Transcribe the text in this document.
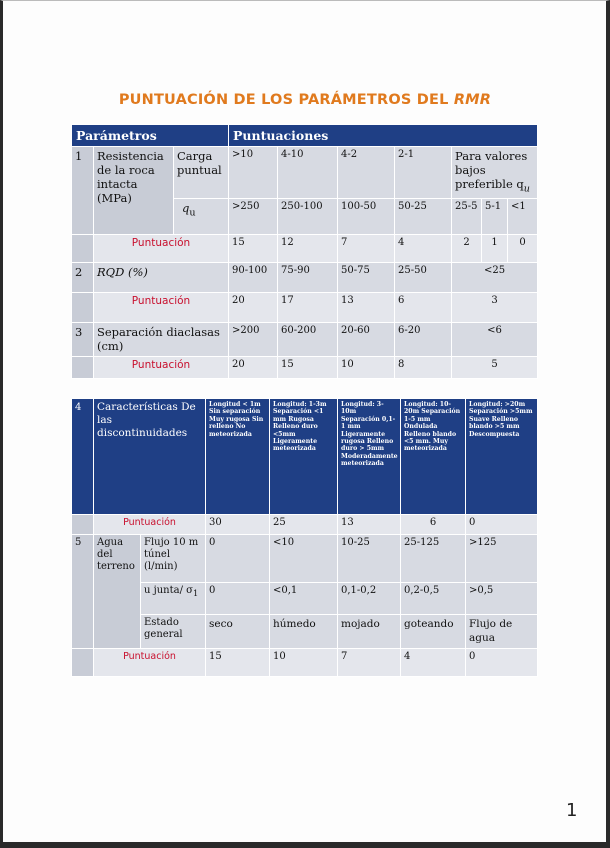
PUNTUACIÓN DE LOS PARÁMETROS DEL RMR
Parámetros			Puntuaciones						
1	Resistencia de la roca intacta (MPa)	Carga puntual	>10	4-10	4-2	2-1	Para valores bajos preferible $q_u$
		$q_u$	>250	250-100	100-50	50-25	25-5	5-1	<1
	Puntuación		15	12	7	4	2	1	0
2	RQD (%)		90-100	75-90	50-75	25-50	<25		
	Puntuación		20	17	13	6	3		
3	Separación diaclasas (cm)		>200	60-200	20-60	6-20	<6		
	Puntuación		20	15	10	8	5		
4	Características De las discontinuidades		Longitud < 1m Sin separación Muy rugosa Sin relleno No meteorizada	Longitud: 1-3m Separación <1 mm Rugosa Relleno duro <5mm Ligeramente meteorizada	Longitud: 3-10m Separación 0,1-1 mm Ligeramente rugosa Relleno duro > 5mm Moderadamente meteorizada	Longitud: 10-20m Separación 1-5 mm Ondulada Relleno blando <5 mm. Muy meteorizada	Longitud: >20m Separación >5mm Suave Relleno blando >5 mm Descompuesta
	Puntuación		30	25	13	6	0
5	Agua del terreno	Flujo 10 m túnel (l/min)	0	<10	10-25	25-125	>125
		u junta/ $\sigma_1$	0	<0,1	0,1-0,2	0,2-0,5	>0,5
		Estado general	seco	húmedo	mojado	goteando	Flujo de agua
	Puntuación		15	10	7	4	0
1
